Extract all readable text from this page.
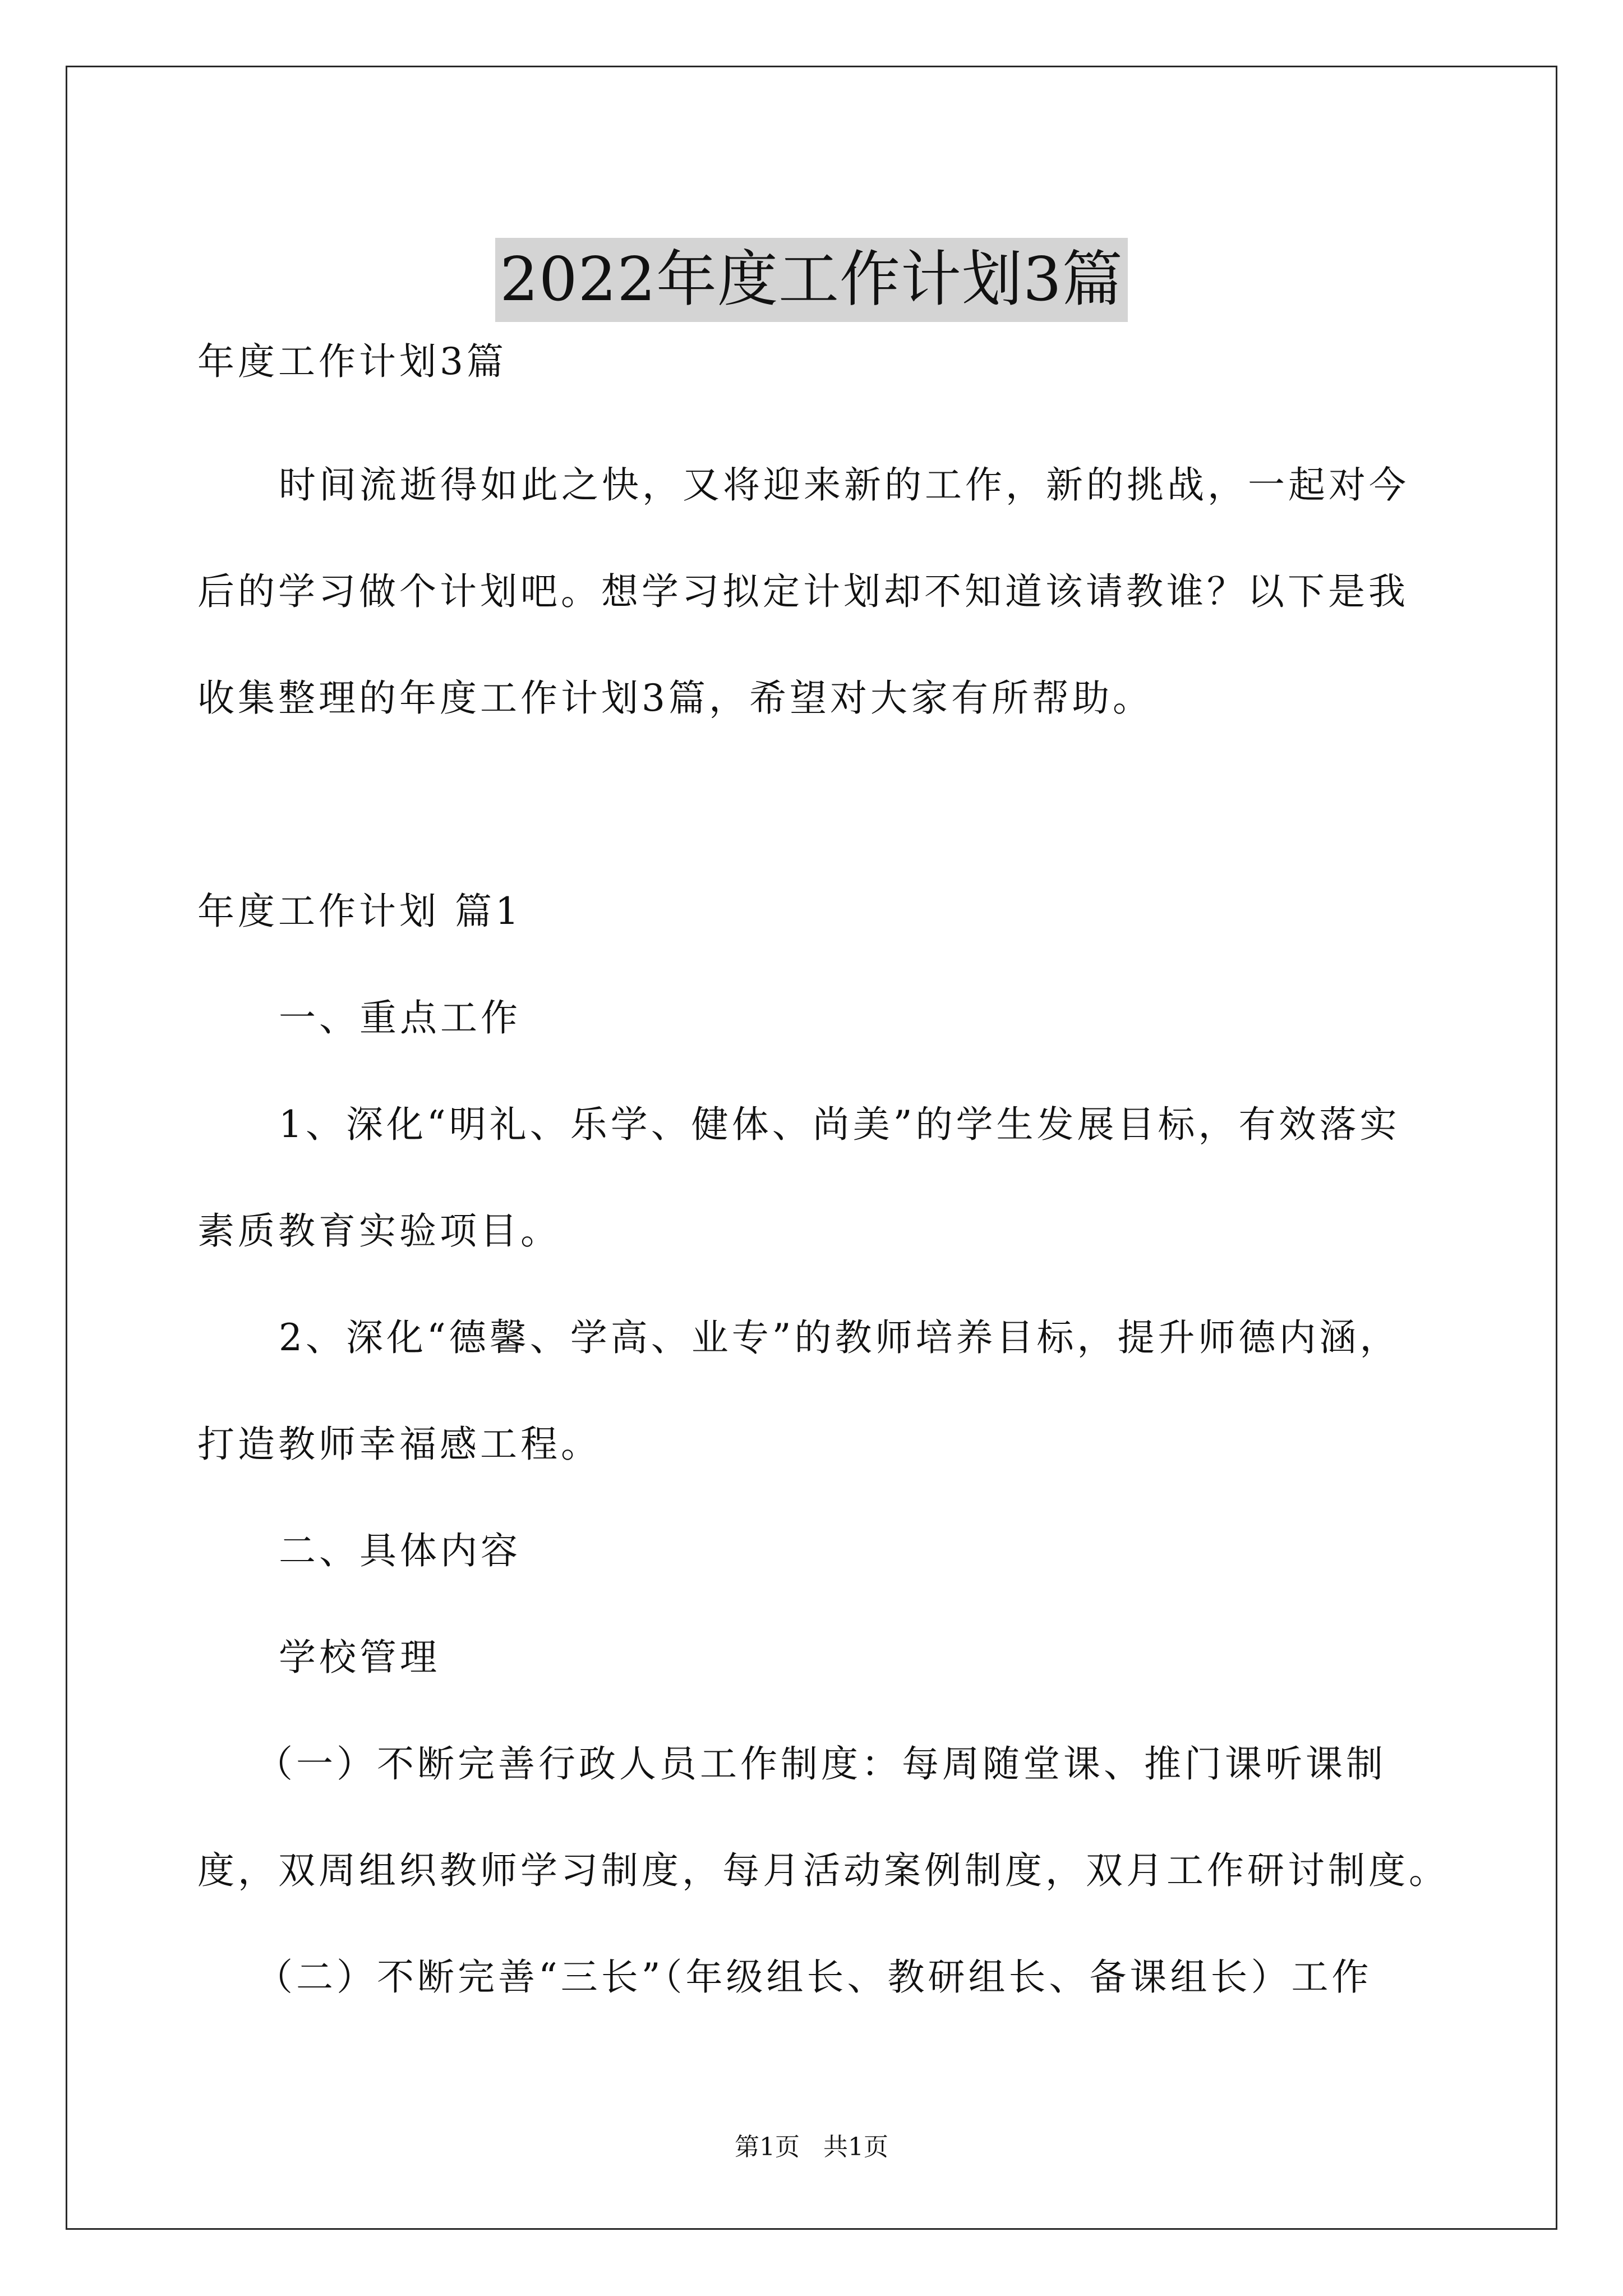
2022年度工作计划3篇

年度工作计划3篇

时间流逝得如此之快，又将迎来新的工作，新的挑战，一起对今

后的学习做个计划吧。想学习拟定计划却不知道该请教谁？以下是我

收集整理的年度工作计划3篇，希望对大家有所帮助。

年度工作计划 篇1

一、重点工作

1、深化“明礼、乐学、健体、尚美”的学生发展目标，有效落实

素质教育实验项目。

2、深化“德馨、学高、业专”的教师培养目标，提升师德内涵，

打造教师幸福感工程。

二、具体内容

学校管理

（一）不断完善行政人员工作制度：每周随堂课、推门课听课制

度，双周组织教师学习制度，每月活动案例制度，双月工作研讨制度。

（二）不断完善“三长”（年级组长、教研组长、备课组长）工作

第1页 共1页
